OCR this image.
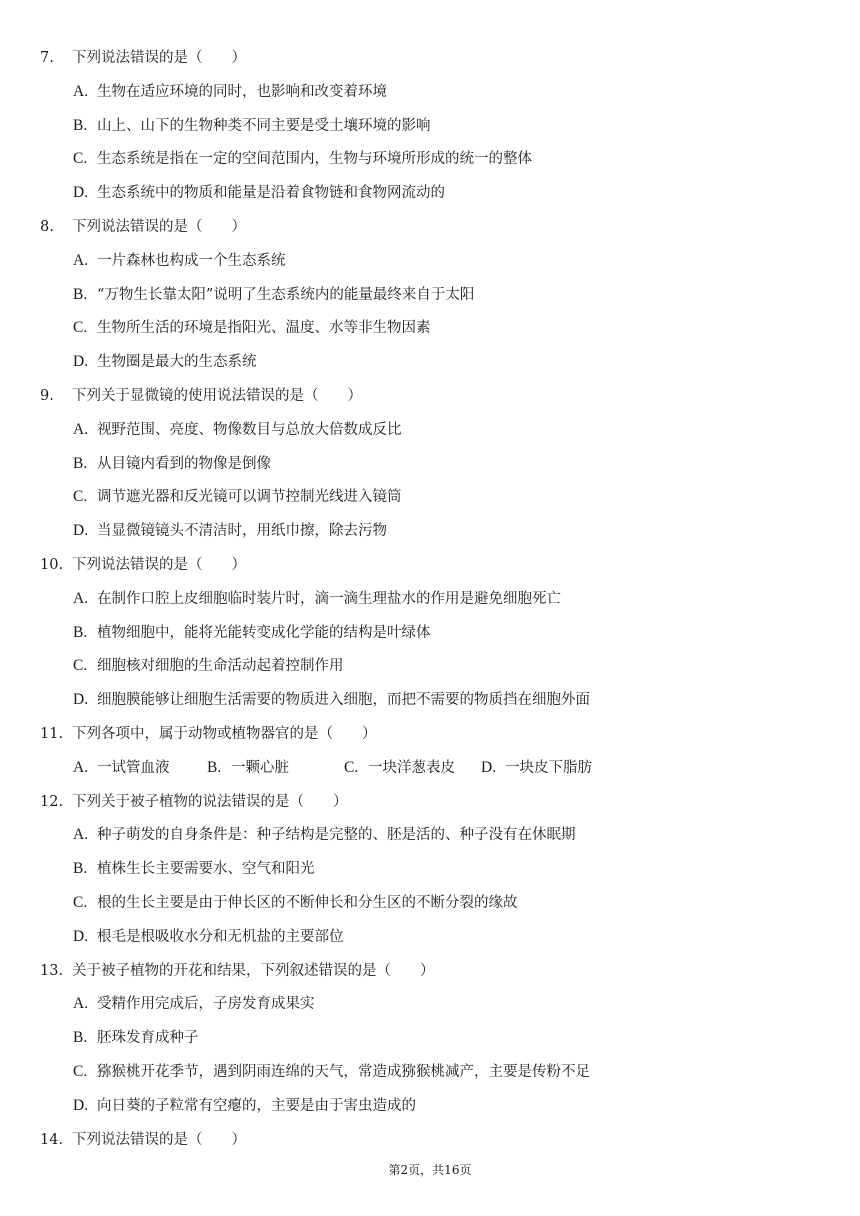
7. 下列说法错误的是（　　）
A. 生物在适应环境的同时，也影响和改变着环境
B. 山上、山下的生物种类不同主要是受土壤环境的影响
C. 生态系统是指在一定的空间范围内，生物与环境所形成的统一的整体
D. 生态系统中的物质和能量是沿着食物链和食物网流动的
8. 下列说法错误的是（　　）
A. 一片森林也构成一个生态系统
B. “万物生长靠太阳”说明了生态系统内的能量最终来自于太阳
C. 生物所生活的环境是指阳光、温度、水等非生物因素
D. 生物圈是最大的生态系统
9. 下列关于显微镜的使用说法错误的是（　　）
A. 视野范围、亮度、物像数目与总放大倍数成反比
B. 从目镜内看到的物像是倒像
C. 调节遮光器和反光镜可以调节控制光线进入镜筒
D. 当显微镜镜头不清洁时，用纸巾擦，除去污物
10. 下列说法错误的是（　　）
A. 在制作口腔上皮细胞临时装片时，滴一滴生理盐水的作用是避免细胞死亡
B. 植物细胞中，能将光能转变成化学能的结构是叶绿体
C. 细胞核对细胞的生命活动起着控制作用
D. 细胞膜能够让细胞生活需要的物质进入细胞，而把不需要的物质挡在细胞外面
11. 下列各项中，属于动物或植物器官的是（　　）
A. 一试管血液 B. 一颗心脏	C. 一块洋葱表皮 D. 一块皮下脂肪
12. 下列关于被子植物的说法错误的是（　　）
A. 种子萌发的自身条件是：种子结构是完整的、胚是活的、种子没有在休眠期
B. 植株生长主要需要水、空气和阳光
C. 根的生长主要是由于伸长区的不断伸长和分生区的不断分裂的缘故
D. 根毛是根吸收水分和无机盐的主要部位
13. 关于被子植物的开花和结果，下列叙述错误的是（　　）
A. 受精作用完成后，子房发育成果实
B. 胚珠发育成种子
C. 猕猴桃开花季节，遇到阴雨连绵的天气，常造成猕猴桃减产，主要是传粉不足
D. 向日葵的子粒常有空瘪的，主要是由于害虫造成的
14. 下列说法错误的是（　　）
第2页，共16页
